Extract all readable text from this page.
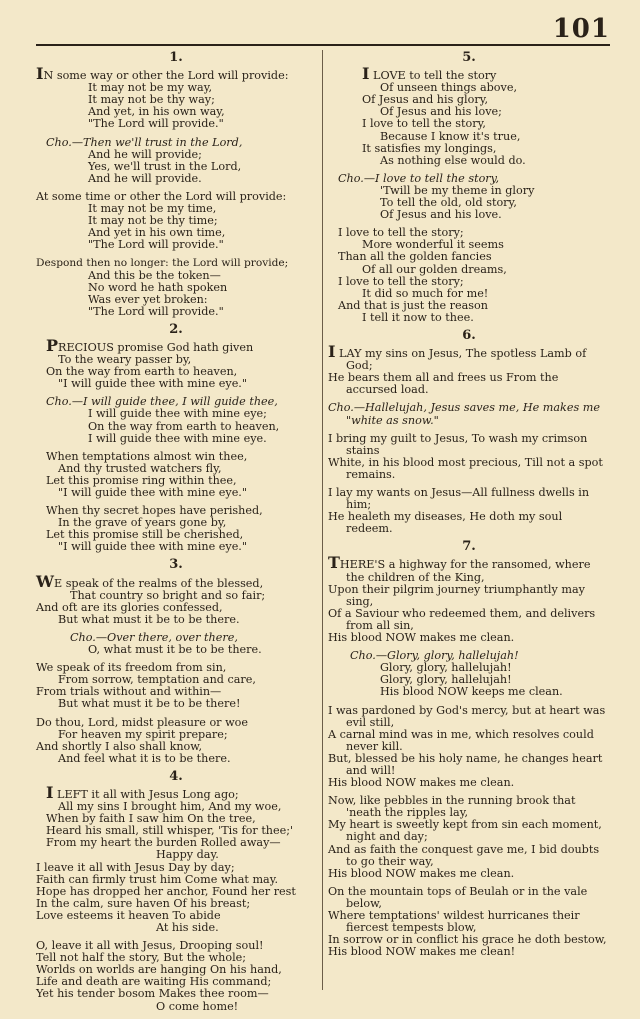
101
1.
IN some way or other the Lord will provide:
It may not be my way,
It may not be thy way;
And yet, in his own way,
"The Lord will provide."
Cho.—Then we'll trust in the Lord,
And he will provide;
Yes, we'll trust in the Lord,
And he will provide.
At some time or other the Lord will provide:
It may not be my time,
It may not be thy time;
And yet in his own time,
"The Lord will provide."
Despond then no longer: the Lord will provide;
And this be the token—
No word he hath spoken
Was ever yet broken:
"The Lord will provide."
2.
PRECIOUS promise God hath given
To the weary passer by,
On the way from earth to heaven,
"I will guide thee with mine eye."
Cho.—I will guide thee, I will guide thee,
I will guide thee with mine eye;
On the way from earth to heaven,
I will guide thee with mine eye.
When temptations almost win thee,
And thy trusted watchers fly,
Let this promise ring within thee,
"I will guide thee with mine eye."
When thy secret hopes have perished,
In the grave of years gone by,
Let this promise still be cherished,
"I will guide thee with mine eye."
3.
WE speak of the realms of the blessed,
That country so bright and so fair;
And oft are its glories confessed,
But what must it be to be there.
Cho.—Over there, over there,
O, what must it be to be there.
We speak of its freedom from sin,
From sorrow, temptation and care,
From trials without and within—
But what must it be to be there!
Do thou, Lord, midst pleasure or woe
For heaven my spirit prepare;
And shortly I also shall know,
And feel what it is to be there.
4.
I LEFT it all with Jesus Long ago;
All my sins I brought him, And my woe,
When by faith I saw him On the tree,
Heard his small, still whisper, 'Tis for thee;'
From my heart the burden Rolled away—
Happy day.
I leave it all with Jesus Day by day;
Faith can firmly trust him Come what may.
Hope has dropped her anchor, Found her rest
In the calm, sure haven Of his breast;
Love esteems it heaven To abide
At his side.
O, leave it all with Jesus, Drooping soul!
Tell not half the story, But the whole;
Worlds on worlds are hanging On his hand,
Life and death are waiting His command;
Yet his tender bosom Makes thee room—
O come home!
5.
I LOVE to tell the story
Of unseen things above,
Of Jesus and his glory,
Of Jesus and his love;
I love to tell the story,
Because I know it's true,
It satisfies my longings,
As nothing else would do.
Cho.—I love to tell the story,
'Twill be my theme in glory
To tell the old, old story,
Of Jesus and his love.
I love to tell the story;
More wonderful it seems
Than all the golden fancies
Of all our golden dreams,
I love to tell the story;
It did so much for me!
And that is just the reason
I tell it now to thee.
6.
I LAY my sins on Jesus, The spotless Lamb of God;
He bears them all and frees us From the accursed load.
Cho.—Hallelujah, Jesus saves me, He makes me "white as snow."
I bring my guilt to Jesus, To wash my crimson stains
White, in his blood most precious, Till not a spot remains.
I lay my wants on Jesus—All fullness dwells in him;
He healeth my diseases, He doth my soul redeem.
7.
THERE'S a highway for the ransomed, where the children of the King,
Upon their pilgrim journey triumphantly may sing,
Of a Saviour who redeemed them, and delivers from all sin,
His blood NOW makes me clean.
Cho.—Glory, glory, hallelujah!
Glory, glory, hallelujah!
Glory, glory, hallelujah!
His blood NOW keeps me clean.
I was pardoned by God's mercy, but at heart was evil still,
A carnal mind was in me, which resolves could never kill.
But, blessed be his holy name, he changes heart and will!
His blood NOW makes me clean.
Now, like pebbles in the running brook that 'neath the ripples lay,
My heart is sweetly kept from sin each moment, night and day;
And as faith the conquest gave me, I bid doubts to go their way,
His blood NOW makes me clean.
On the mountain tops of Beulah or in the vale below,
Where temptations' wildest hurricanes their fiercest tempests blow,
In sorrow or in conflict his grace he doth bestow,
His blood NOW makes me clean!
